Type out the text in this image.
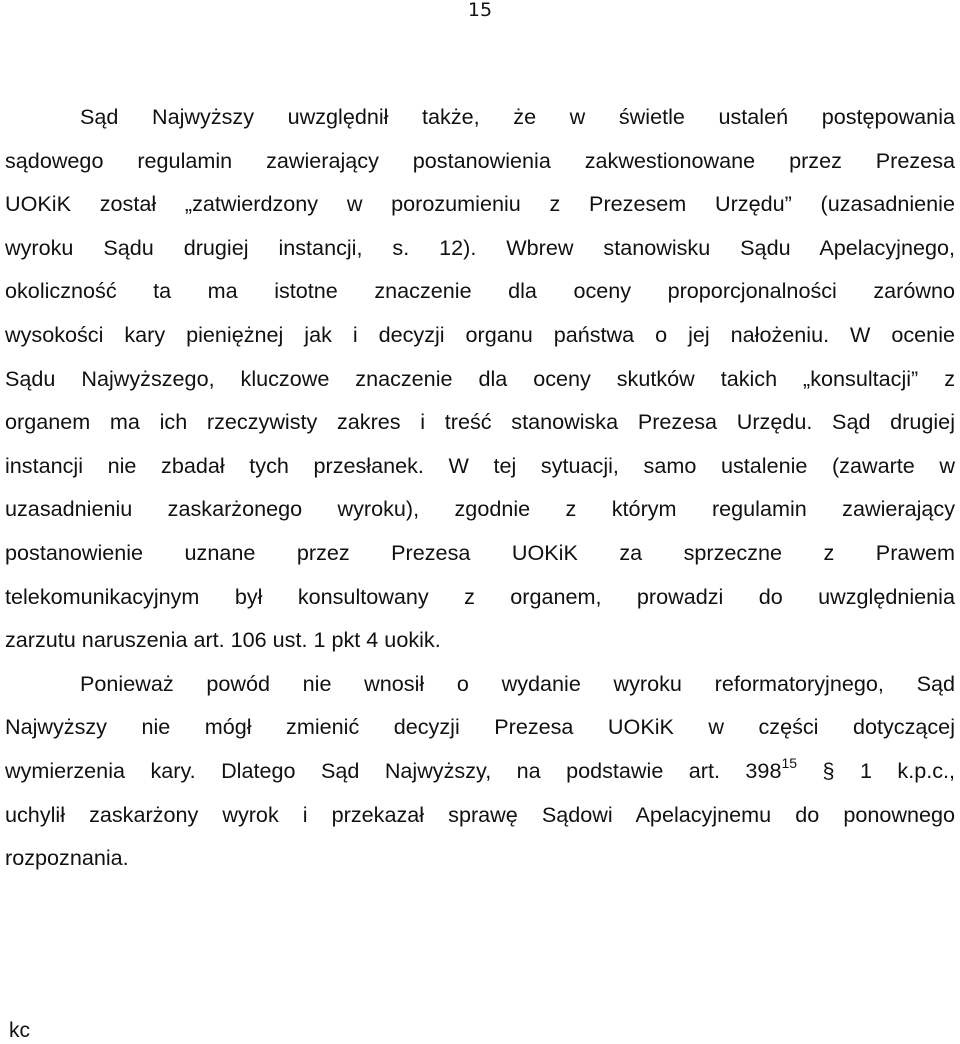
15
Sąd Najwyższy uwzględnił także, że w świetle ustaleń postępowania
sądowego regulamin zawierający postanowienia zakwestionowane przez Prezesa
UOKiK został „zatwierdzony w porozumieniu z Prezesem Urzędu” (uzasadnienie
wyroku Sądu drugiej instancji, s. 12). Wbrew stanowisku Sądu Apelacyjnego,
okoliczność ta ma istotne znaczenie dla oceny proporcjonalności zarówno
wysokości kary pieniężnej jak i decyzji organu państwa o jej nałożeniu. W ocenie
Sądu Najwyższego, kluczowe znaczenie dla oceny skutków takich „konsultacji” z
organem ma ich rzeczywisty zakres i treść stanowiska Prezesa Urzędu. Sąd drugiej
instancji nie zbadał tych przesłanek. W tej sytuacji, samo ustalenie (zawarte w
uzasadnieniu zaskarżonego wyroku), zgodnie z którym regulamin zawierający
postanowienie uznane przez Prezesa UOKiK za sprzeczne z Prawem
telekomunikacyjnym był konsultowany z organem, prowadzi do uwzględnienia
zarzutu naruszenia art. 106 ust. 1 pkt 4 uokik.
Ponieważ powód nie wnosił o wydanie wyroku reformatoryjnego, Sąd
Najwyższy nie mógł zmienić decyzji Prezesa UOKiK w części dotyczącej
wymierzenia kary. Dlatego Sąd Najwyższy, na podstawie art. $398^{15}$ § 1 k.p.c.,
uchylił zaskarżony wyrok i przekazał sprawę Sądowi Apelacyjnemu do ponownego
rozpoznania.
kc
